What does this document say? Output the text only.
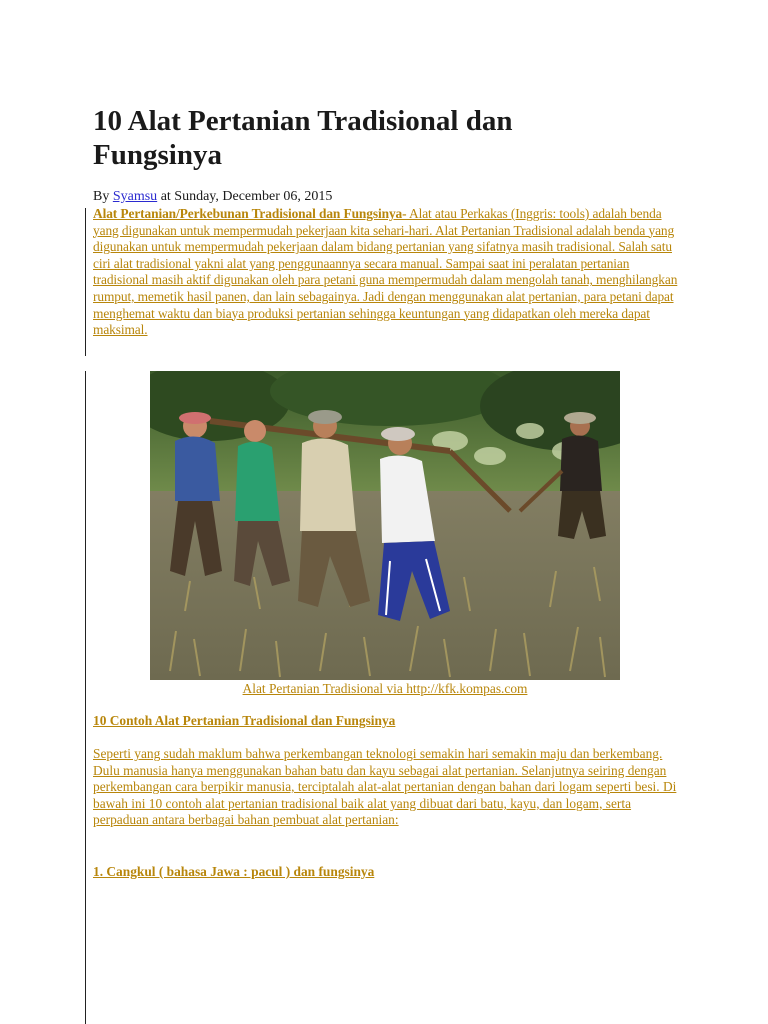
10 Alat Pertanian Tradisional dan Fungsinya
By Syamsu at Sunday, December 06, 2015
Alat Pertanian/Perkebunan Tradisional dan Fungsinya- Alat atau Perkakas (Inggris: tools) adalah benda yang digunakan untuk mempermudah pekerjaan kita sehari-hari. Alat Pertanian Tradisional adalah benda yang digunakan untuk mempermudah pekerjaan dalam bidang pertanian yang sifatnya masih tradisional. Salah satu ciri alat tradisional yakni alat yang penggunaannya secara manual. Sampai saat ini peralatan pertanian tradisional masih aktif digunakan oleh para petani guna mempermudah dalam mengolah tanah, menghilangkan rumput, memetik hasil panen, dan lain sebagainya. Jadi dengan menggunakan alat pertanian, para petani dapat menghemat waktu dan biaya produksi pertanian sehingga keuntungan yang didapatkan oleh mereka dapat maksimal.
Alat Pertanian Tradisional via http://kfk.kompas.com
10 Contoh Alat Pertanian Tradisional dan Fungsinya
Seperti yang sudah maklum bahwa perkembangan teknologi semakin hari semakin maju dan berkembang. Dulu manusia hanya menggunakan bahan batu dan kayu sebagai alat pertanian. Selanjutnya seiring dengan perkembangan cara berpikir manusia, terciptalah alat-alat pertanian dengan bahan dari logam seperti besi. Di bawah ini 10 contoh alat pertanian tradisional baik alat yang dibuat dari batu, kayu, dan logam, serta perpaduan antara berbagai bahan pembuat alat pertanian:
1. Cangkul ( bahasa Jawa : pacul ) dan fungsinya
